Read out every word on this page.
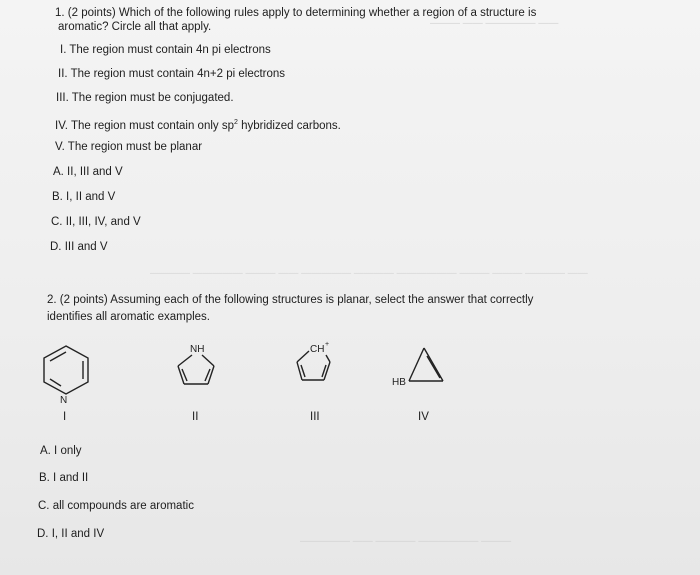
——— —— ————— ——
———— ————— ——— —— ————— ———— —————— ——— ——— ———— ——
————— —— ———— —————— ———
1. (2 points) Which of the following rules apply to determining whether a region of a structure is
aromatic? Circle all that apply.
I. The region must contain 4n pi electrons
II. The region must contain 4n+2 pi electrons
III. The region must be conjugated.
IV. The region must contain only $sp^2$ hybridized carbons.
V. The region must be planar
A. II, III and V
B. I, II and V
C. II, III, IV, and V
D. III and V
2. (2 points) Assuming each of the following structures is planar, select the answer that correctly
identifies all aromatic examples.
N
NH	CH +
HB
I	II	III	IV
A. I only
B. I and II
C. all compounds are aromatic
D. I, II and IV
